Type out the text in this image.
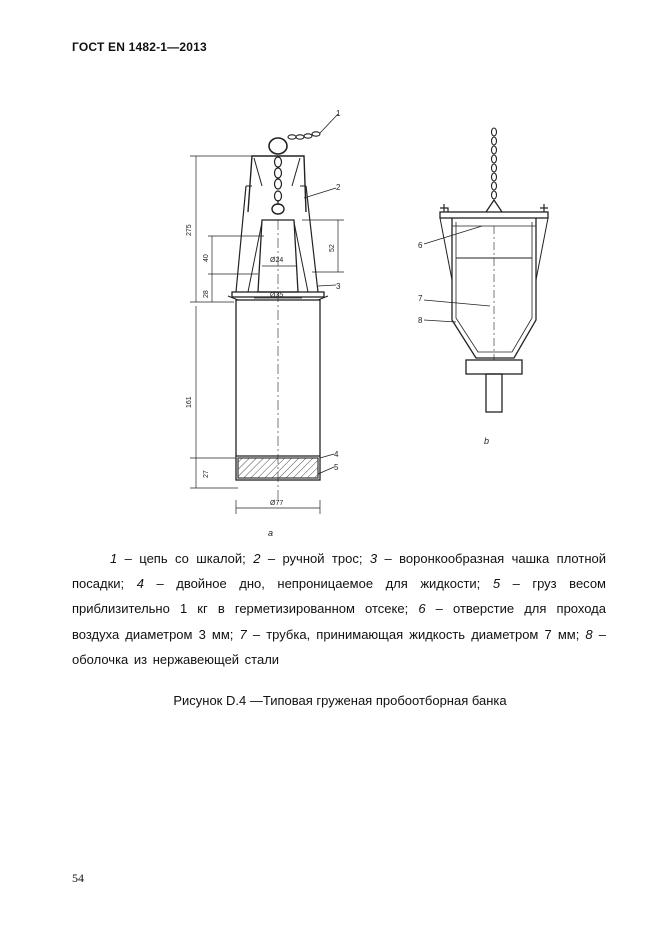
ГОСТ EN 1482-1—2013
1
2
3
4
5
275
40
28
161
27
52
Ø24
Ø35
Ø77
a
6
7
8
b
1 – цепь со шкалой; 2 – ручной трос; 3 – воронкообразная чашка плотной посадки; 4 – двойное дно, непроницаемое для жидкости; 5 – груз весом приблизительно 1 кг в герметизированном отсеке; 6 – отверстие для прохода воздуха диаметром 3 мм; 7 – трубка, принимающая жидкость диаметром 7 мм; 8 – оболочка из нержавеющей стали
Рисунок D.4 —Типовая груженая пробоотборная банка
54
